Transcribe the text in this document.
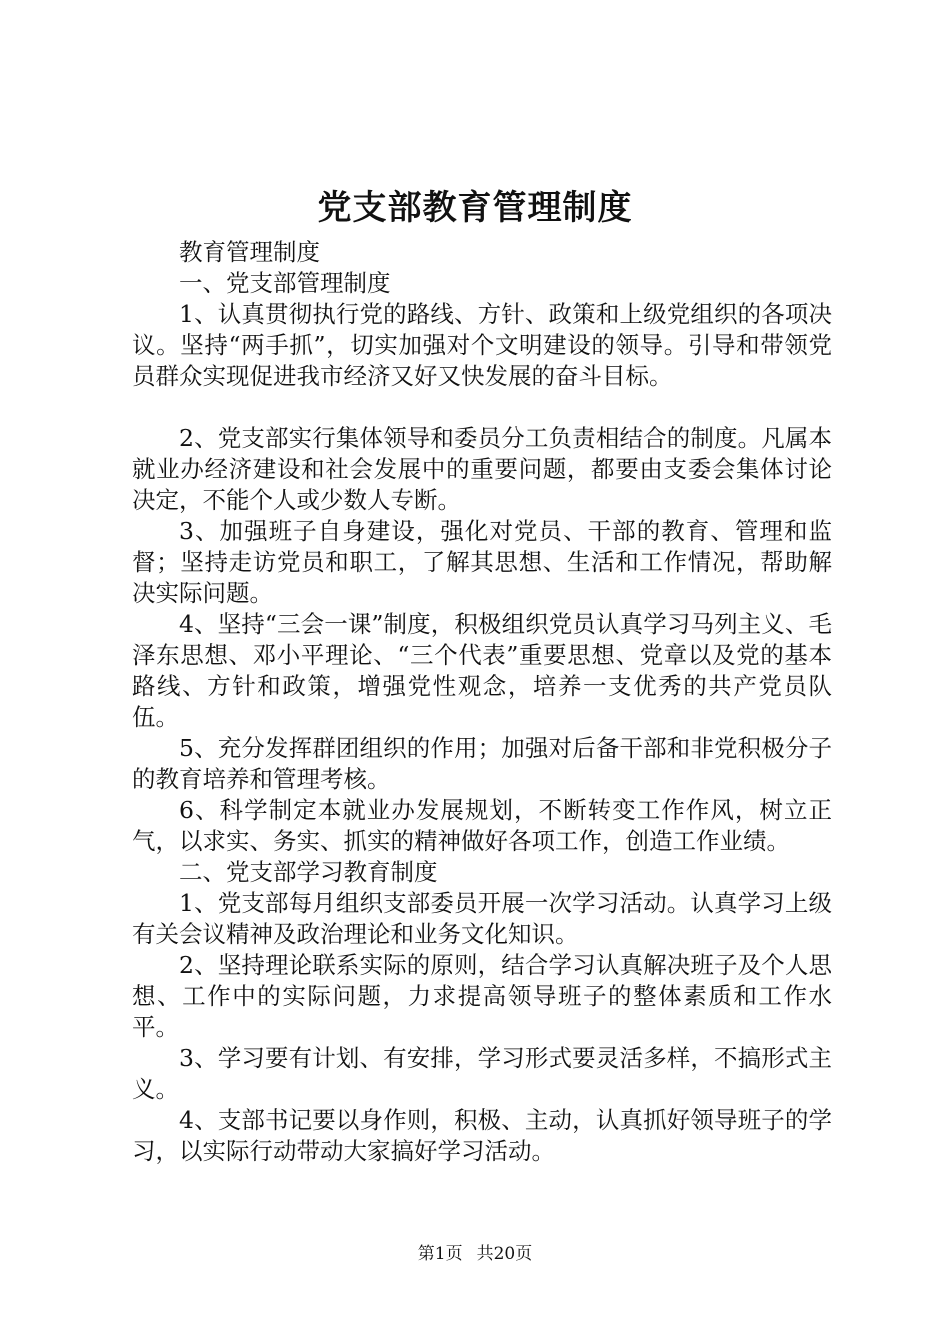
党支部教育管理制度

教育管理制度

一、党支部管理制度

1、认真贯彻执行党的路线、方针、政策和上级党组织的各项决议。坚持“两手抓”，切实加强对个文明建设的领导。引导和带领党员群众实现促进我市经济又好又快发展的奋斗目标。

2、党支部实行集体领导和委员分工负责相结合的制度。凡属本就业办经济建设和社会发展中的重要问题，都要由支委会集体讨论决定，不能个人或少数人专断。

3、加强班子自身建设，强化对党员、干部的教育、管理和监督；坚持走访党员和职工，了解其思想、生活和工作情况，帮助解决实际问题。

4、坚持“三会一课”制度，积极组织党员认真学习马列主义、毛泽东思想、邓小平理论、“三个代表”重要思想、党章以及党的基本路线、方针和政策，增强党性观念，培养一支优秀的共产党员队伍。

5、充分发挥群团组织的作用；加强对后备干部和非党积极分子的教育培养和管理考核。

6、科学制定本就业办发展规划，不断转变工作作风，树立正气，以求实、务实、抓实的精神做好各项工作，创造工作业绩。

二、党支部学习教育制度

1、党支部每月组织支部委员开展一次学习活动。认真学习上级有关会议精神及政治理论和业务文化知识。

2、坚持理论联系实际的原则，结合学习认真解决班子及个人思想、工作中的实际问题，力求提高领导班子的整体素质和工作水平。

3、学习要有计划、有安排，学习形式要灵活多样，不搞形式主义。

4、支部书记要以身作则，积极、主动，认真抓好领导班子的学习，以实际行动带动大家搞好学习活动。

第1页 共20页
